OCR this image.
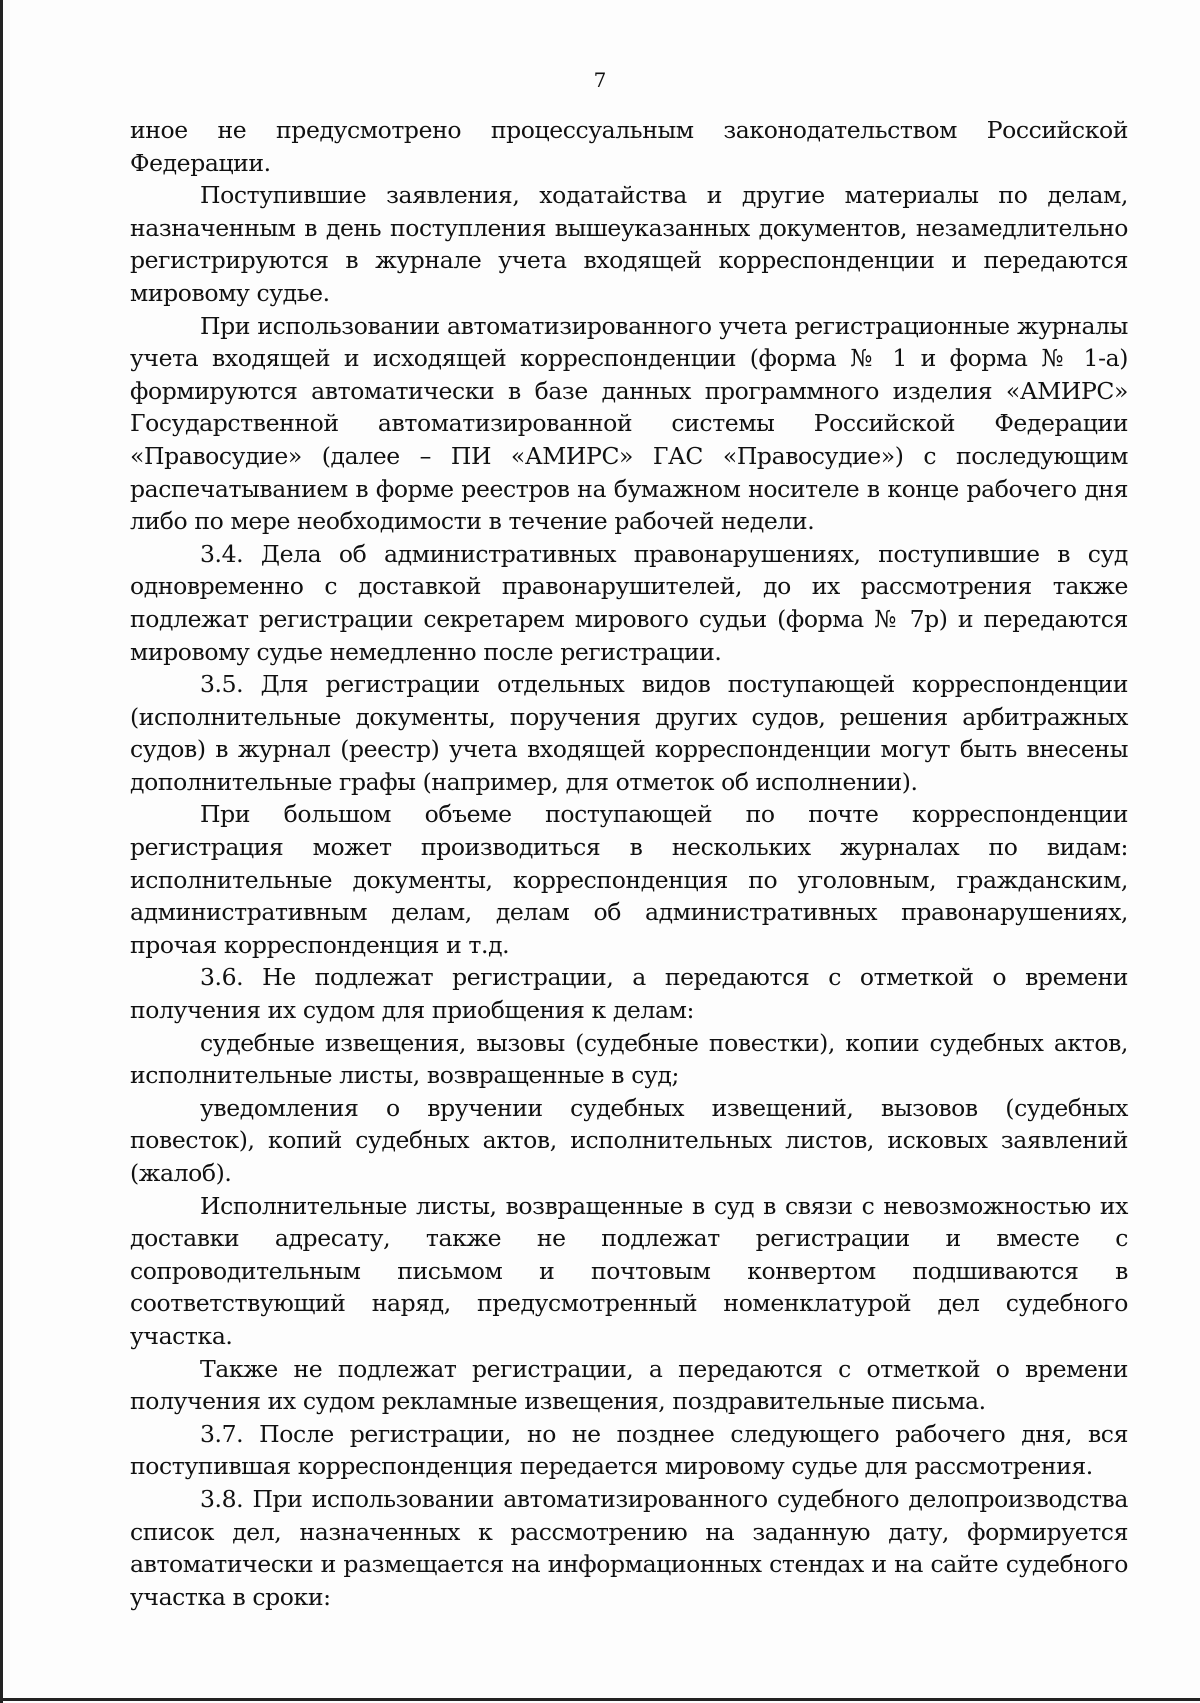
7

иное не предусмотрено процессуальным законодательством Российской Федерации.

Поступившие заявления, ходатайства и другие материалы по делам, назначенным в день поступления вышеуказанных документов, незамедлительно регистрируются в журнале учета входящей корреспонденции и передаются мировому судье.

При использовании автоматизированного учета регистрационные журналы учета входящей и исходящей корреспонденции (форма № 1 и форма № 1-а) формируются автоматически в базе данных программного изделия «АМИРС» Государственной автоматизированной системы Российской Федерации «Правосудие» (далее – ПИ «АМИРС» ГАС «Правосудие») с последующим распечатыванием в форме реестров на бумажном носителе в конце рабочего дня либо по мере необходимости в течение рабочей недели.

3.4. Дела об административных правонарушениях, поступившие в суд одновременно с доставкой правонарушителей, до их рассмотрения также подлежат регистрации секретарем мирового судьи (форма № 7р) и передаются мировому судье немедленно после регистрации.

3.5. Для регистрации отдельных видов поступающей корреспонденции (исполнительные документы, поручения других судов, решения арбитражных судов) в журнал (реестр) учета входящей корреспонденции могут быть внесены дополнительные графы (например, для отметок об исполнении).

При большом объеме поступающей по почте корреспонденции регистрация может производиться в нескольких журналах по видам: исполнительные документы, корреспонденция по уголовным, гражданским, административным делам, делам об административных правонарушениях, прочая корреспонденция и т.д.

3.6. Не подлежат регистрации, а передаются с отметкой о времени получения их судом для приобщения к делам:

судебные извещения, вызовы (судебные повестки), копии судебных актов, исполнительные листы, возвращенные в суд;

уведомления о вручении судебных извещений, вызовов (судебных повесток), копий судебных актов, исполнительных листов, исковых заявлений (жалоб).

Исполнительные листы, возвращенные в суд в связи с невозможностью их доставки адресату, также не подлежат регистрации и вместе с сопроводительным письмом и почтовым конвертом подшиваются в соответствующий наряд, предусмотренный номенклатурой дел судебного участка.

Также не подлежат регистрации, а передаются с отметкой о времени получения их судом рекламные извещения, поздравительные письма.

3.7. После регистрации, но не позднее следующего рабочего дня, вся поступившая корреспонденция передается мировому судье для рассмотрения.

3.8. При использовании автоматизированного судебного делопроизводства список дел, назначенных к рассмотрению на заданную дату, формируется автоматически и размещается на информационных стендах и на сайте судебного участка в сроки:
